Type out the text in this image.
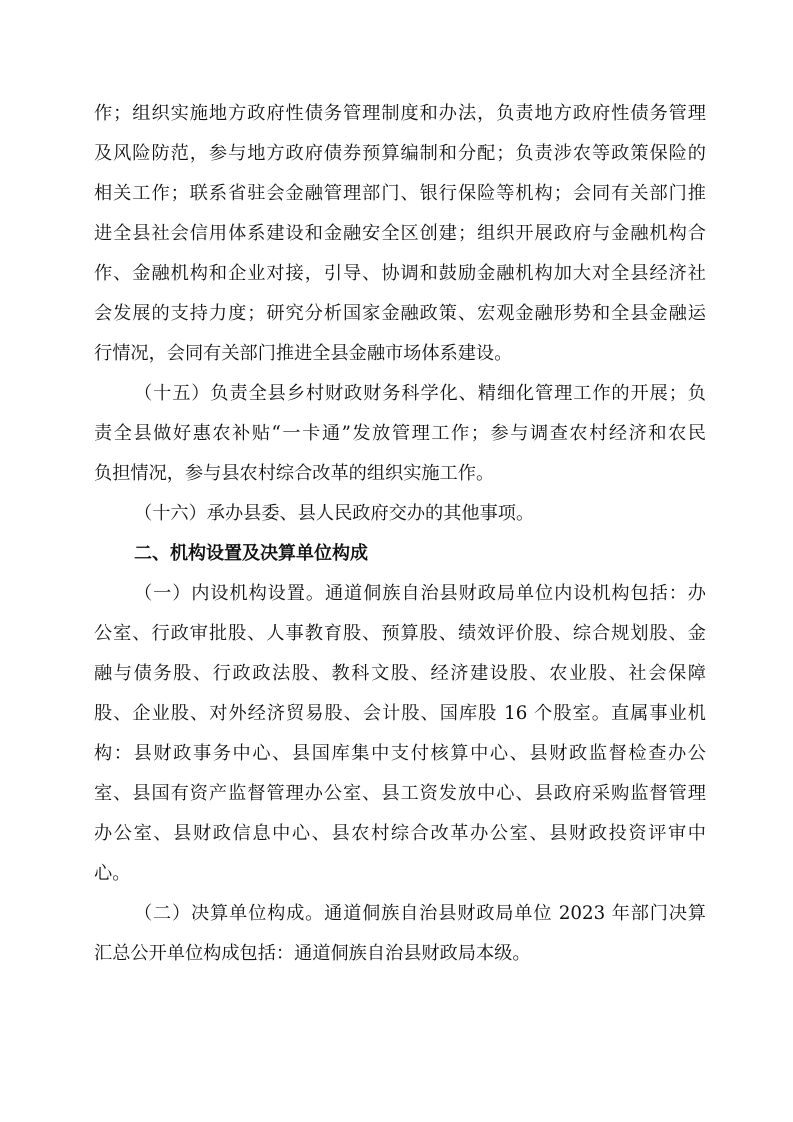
作；组织实施地方政府性债务管理制度和办法，负责地方政府性债务管理
及风险防范，参与地方政府债券预算编制和分配；负责涉农等政策保险的
相关工作；联系省驻会金融管理部门、银行保险等机构；会同有关部门推
进全县社会信用体系建设和金融安全区创建；组织开展政府与金融机构合
作、金融机构和企业对接，引导、协调和鼓励金融机构加大对全县经济社
会发展的支持力度；研究分析国家金融政策、宏观金融形势和全县金融运
行情况，会同有关部门推进全县金融市场体系建设。
（十五）负责全县乡村财政财务科学化、精细化管理工作的开展；负
责全县做好惠农补贴“一卡通”发放管理工作；参与调查农村经济和农民
负担情况，参与县农村综合改革的组织实施工作。
（十六）承办县委、县人民政府交办的其他事项。
二、机构设置及决算单位构成
（一）内设机构设置。通道侗族自治县财政局单位内设机构包括：办
公室、行政审批股、人事教育股、预算股、绩效评价股、综合规划股、金
融与债务股、行政政法股、教科文股、经济建设股、农业股、社会保障
股、企业股、对外经济贸易股、会计股、国库股 16 个股室。直属事业机
构：县财政事务中心、县国库集中支付核算中心、县财政监督检查办公
室、县国有资产监督管理办公室、县工资发放中心、县政府采购监督管理
办公室、县财政信息中心、县农村综合改革办公室、县财政投资评审中
心。
（二）决算单位构成。通道侗族自治县财政局单位 2023 年部门决算
汇总公开单位构成包括：通道侗族自治县财政局本级。
